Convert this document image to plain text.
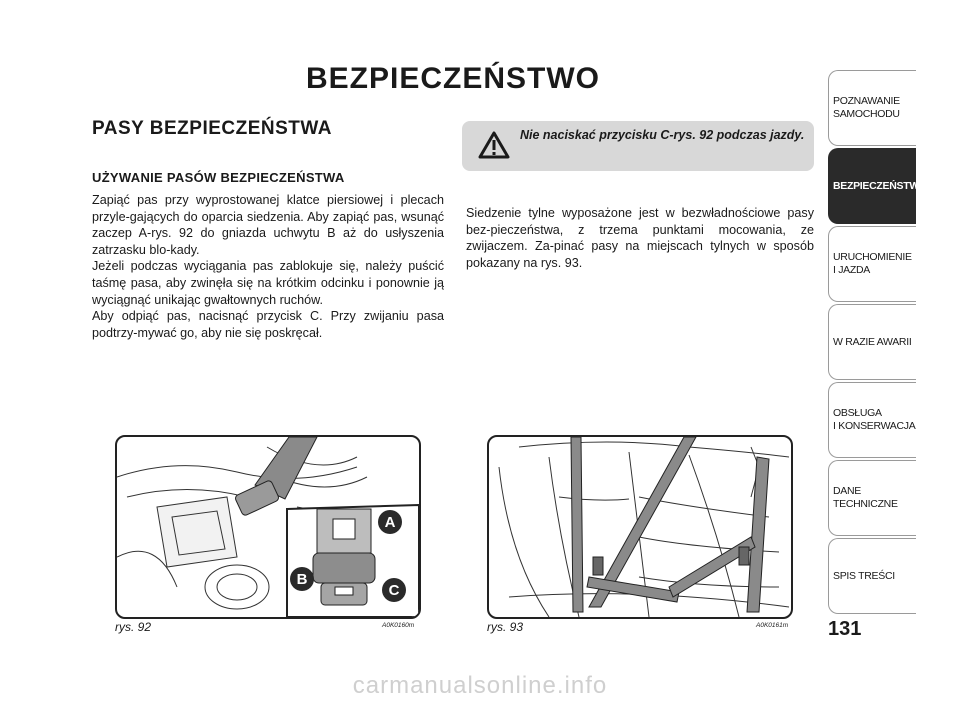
BEZPIECZEŃSTWO
PASY BEZPIECZEŃSTWA
UŻYWANIE PASÓW BEZPIECZEŃSTWA

Zapiąć pas przy wyprostowanej klatce piersiowej i plecach przyle-gających do oparcia siedzenia. Aby zapiąć pas, wsunąć zaczep A-rys. 92 do gniazda uchwytu B aż do usłyszenia zatrzasku blo-kady.

Jeżeli podczas wyciągania pas zablokuje się, należy puścić taśmę pasa, aby zwinęła się na krótkim odcinku i ponownie ją wyciągnąć unikając gwałtownych ruchów.

Aby odpiąć pas, nacisnąć przycisk C. Przy zwijaniu pasa podtrzy-mywać go, aby nie się poskręcał.

Nie naciskać przycisku C-rys. 92 podczas jazdy.

Siedzenie tylne wyposażone jest w bezwładnościowe pasy bez-pieczeństwa, z trzema punktami mocowania, ze zwijaczem. Za-pinać pasy na miejscach tylnych w sposób pokazany na rys. 93.

A
B
C
rys. 92	A0K0160m	rys. 93	A0K0161m
POZNAWANIE
SAMOCHODU
BEZPIECZEŃSTWO
URUCHOMIENIE
I JAZDA
W RAZIE AWARII
OBSŁUGA
I KONSERWACJA
DANE
TECHNICZNE
SPIS TREŚCI
131
carmanualsonline.info
